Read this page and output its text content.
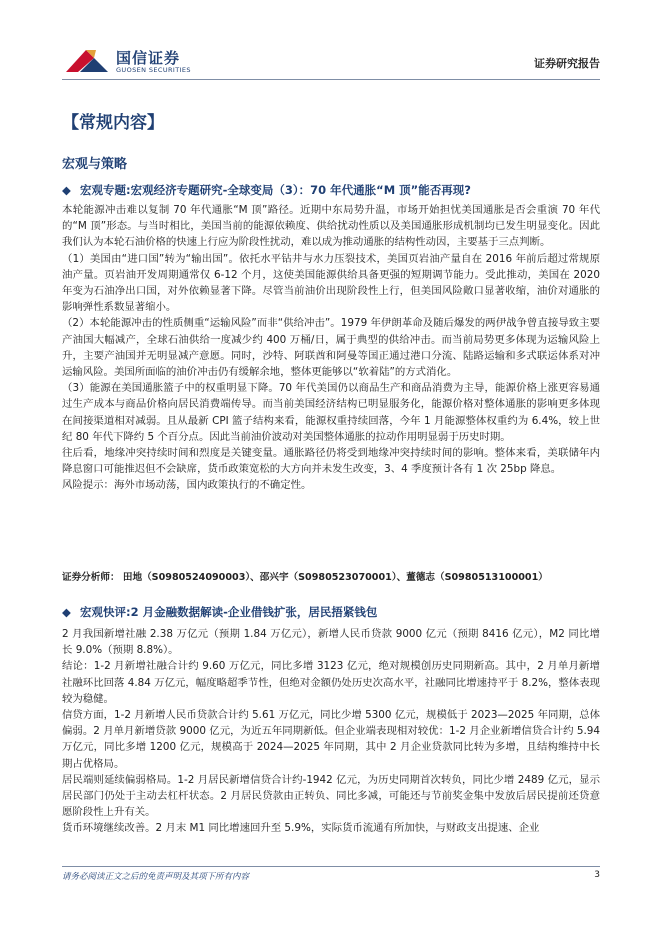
国信证券
GUOSEN SECURITIES	证券研究报告
【常规内容】
宏观与策略
◆ 宏观专题:宏观经济专题研究-全球变局（3）：70 年代通胀“M 顶”能否再现?

本轮能源冲击难以复制 70 年代通胀“M 顶”路径。近期中东局势升温，市场开始担忧美国通胀是否会重演 70 年代的“M 顶”形态。与当时相比，美国当前的能源依赖度、供给扰动性质以及美国通胀形成机制均已发生明显变化。因此我们认为本轮石油价格的快速上行应为阶段性扰动，难以成为推动通胀的结构性动因，主要基于三点判断。

（1）美国由“进口国”转为“输出国”。依托水平钻井与水力压裂技术，美国页岩油产量自在 2016 年前后超过常规原油产量。页岩油开发周期通常仅 6-12 个月，这使美国能源供给具备更强的短期调节能力。受此推动，美国在 2020 年变为石油净出口国，对外依赖显著下降。尽管当前油价出现阶段性上行，但美国风险敞口显著收缩，油价对通胀的影响弹性系数显著缩小。

（2）本轮能源冲击的性质侧重“运输风险”而非“供给冲击”。1979 年伊朗革命及随后爆发的两伊战争曾直接导致主要产油国大幅减产，全球石油供给一度减少约 400 万桶/日，属于典型的供给冲击。而当前局势更多体现为运输风险上升，主要产油国并无明显减产意愿。同时，沙特、阿联酋和阿曼等国正通过港口分流、陆路运输和多式联运体系对冲运输风险。美国所面临的油价冲击仍有缓解余地，整体更能够以“软着陆”的方式消化。

（3）能源在美国通胀篮子中的权重明显下降。70 年代美国仍以商品生产和商品消费为主导，能源价格上涨更容易通过生产成本与商品价格向居民消费端传导。而当前美国经济结构已明显服务化，能源价格对整体通胀的影响更多体现在间接渠道相对减弱。且从最新 CPI 篮子结构来看，能源权重持续回落，今年 1 月能源整体权重约为 6.4%，较上世纪 80 年代下降约 5 个百分点。因此当前油价波动对美国整体通胀的拉动作用明显弱于历史时期。

往后看，地缘冲突持续时间和烈度是关键变量。通胀路径仍将受到地缘冲突持续时间的影响。整体来看，美联储年内降息窗口可能推迟但不会缺席，货币政策宽松的大方向并未发生改变，3、4 季度预计各有 1 次 25bp 降息。

风险提示：海外市场动荡，国内政策执行的不确定性。

证券分析师： 田地（S0980524090003）、邵兴宇（S0980523070001）、董德志（S0980513100001）
◆ 宏观快评:2 月金融数据解读-企业借钱扩张，居民捂紧钱包

2 月我国新增社融 2.38 万亿元（预期 1.84 万亿元），新增人民币贷款 9000 亿元（预期 8416 亿元），M2 同比增长 9.0%（预期 8.8%）。

结论：1-2 月新增社融合计约 9.60 万亿元，同比多增 3123 亿元，绝对规模创历史同期新高。其中，2 月单月新增社融环比回落 4.84 万亿元，幅度略超季节性，但绝对金额仍处历史次高水平，社融同比增速持平于 8.2%，整体表现较为稳健。

信贷方面，1-2 月新增人民币贷款合计约 5.61 万亿元，同比少增 5300 亿元，规模低于 2023—2025 年同期，总体偏弱。2 月单月新增贷款 9000 亿元，为近五年同期新低。但企业端表现相对较优：1-2 月企业新增信贷合计约 5.94 万亿元，同比多增 1200 亿元，规模高于 2024—2025 年同期，其中 2 月企业贷款同比转为多增，且结构维持中长期占优格局。

居民端则延续偏弱格局。1-2 月居民新增信贷合计约-1942 亿元，为历史同期首次转负，同比少增 2489 亿元，显示居民部门仍处于主动去杠杆状态。2 月居民贷款由正转负、同比多减，可能还与节前奖金集中发放后居民提前还贷意愿阶段性上升有关。

货币环境继续改善。2 月末 M1 同比增速回升至 5.9%，实际货币流通有所加快，与财政支出提速、企业

请务必阅读正文之后的免责声明及其项下所有内容	3
